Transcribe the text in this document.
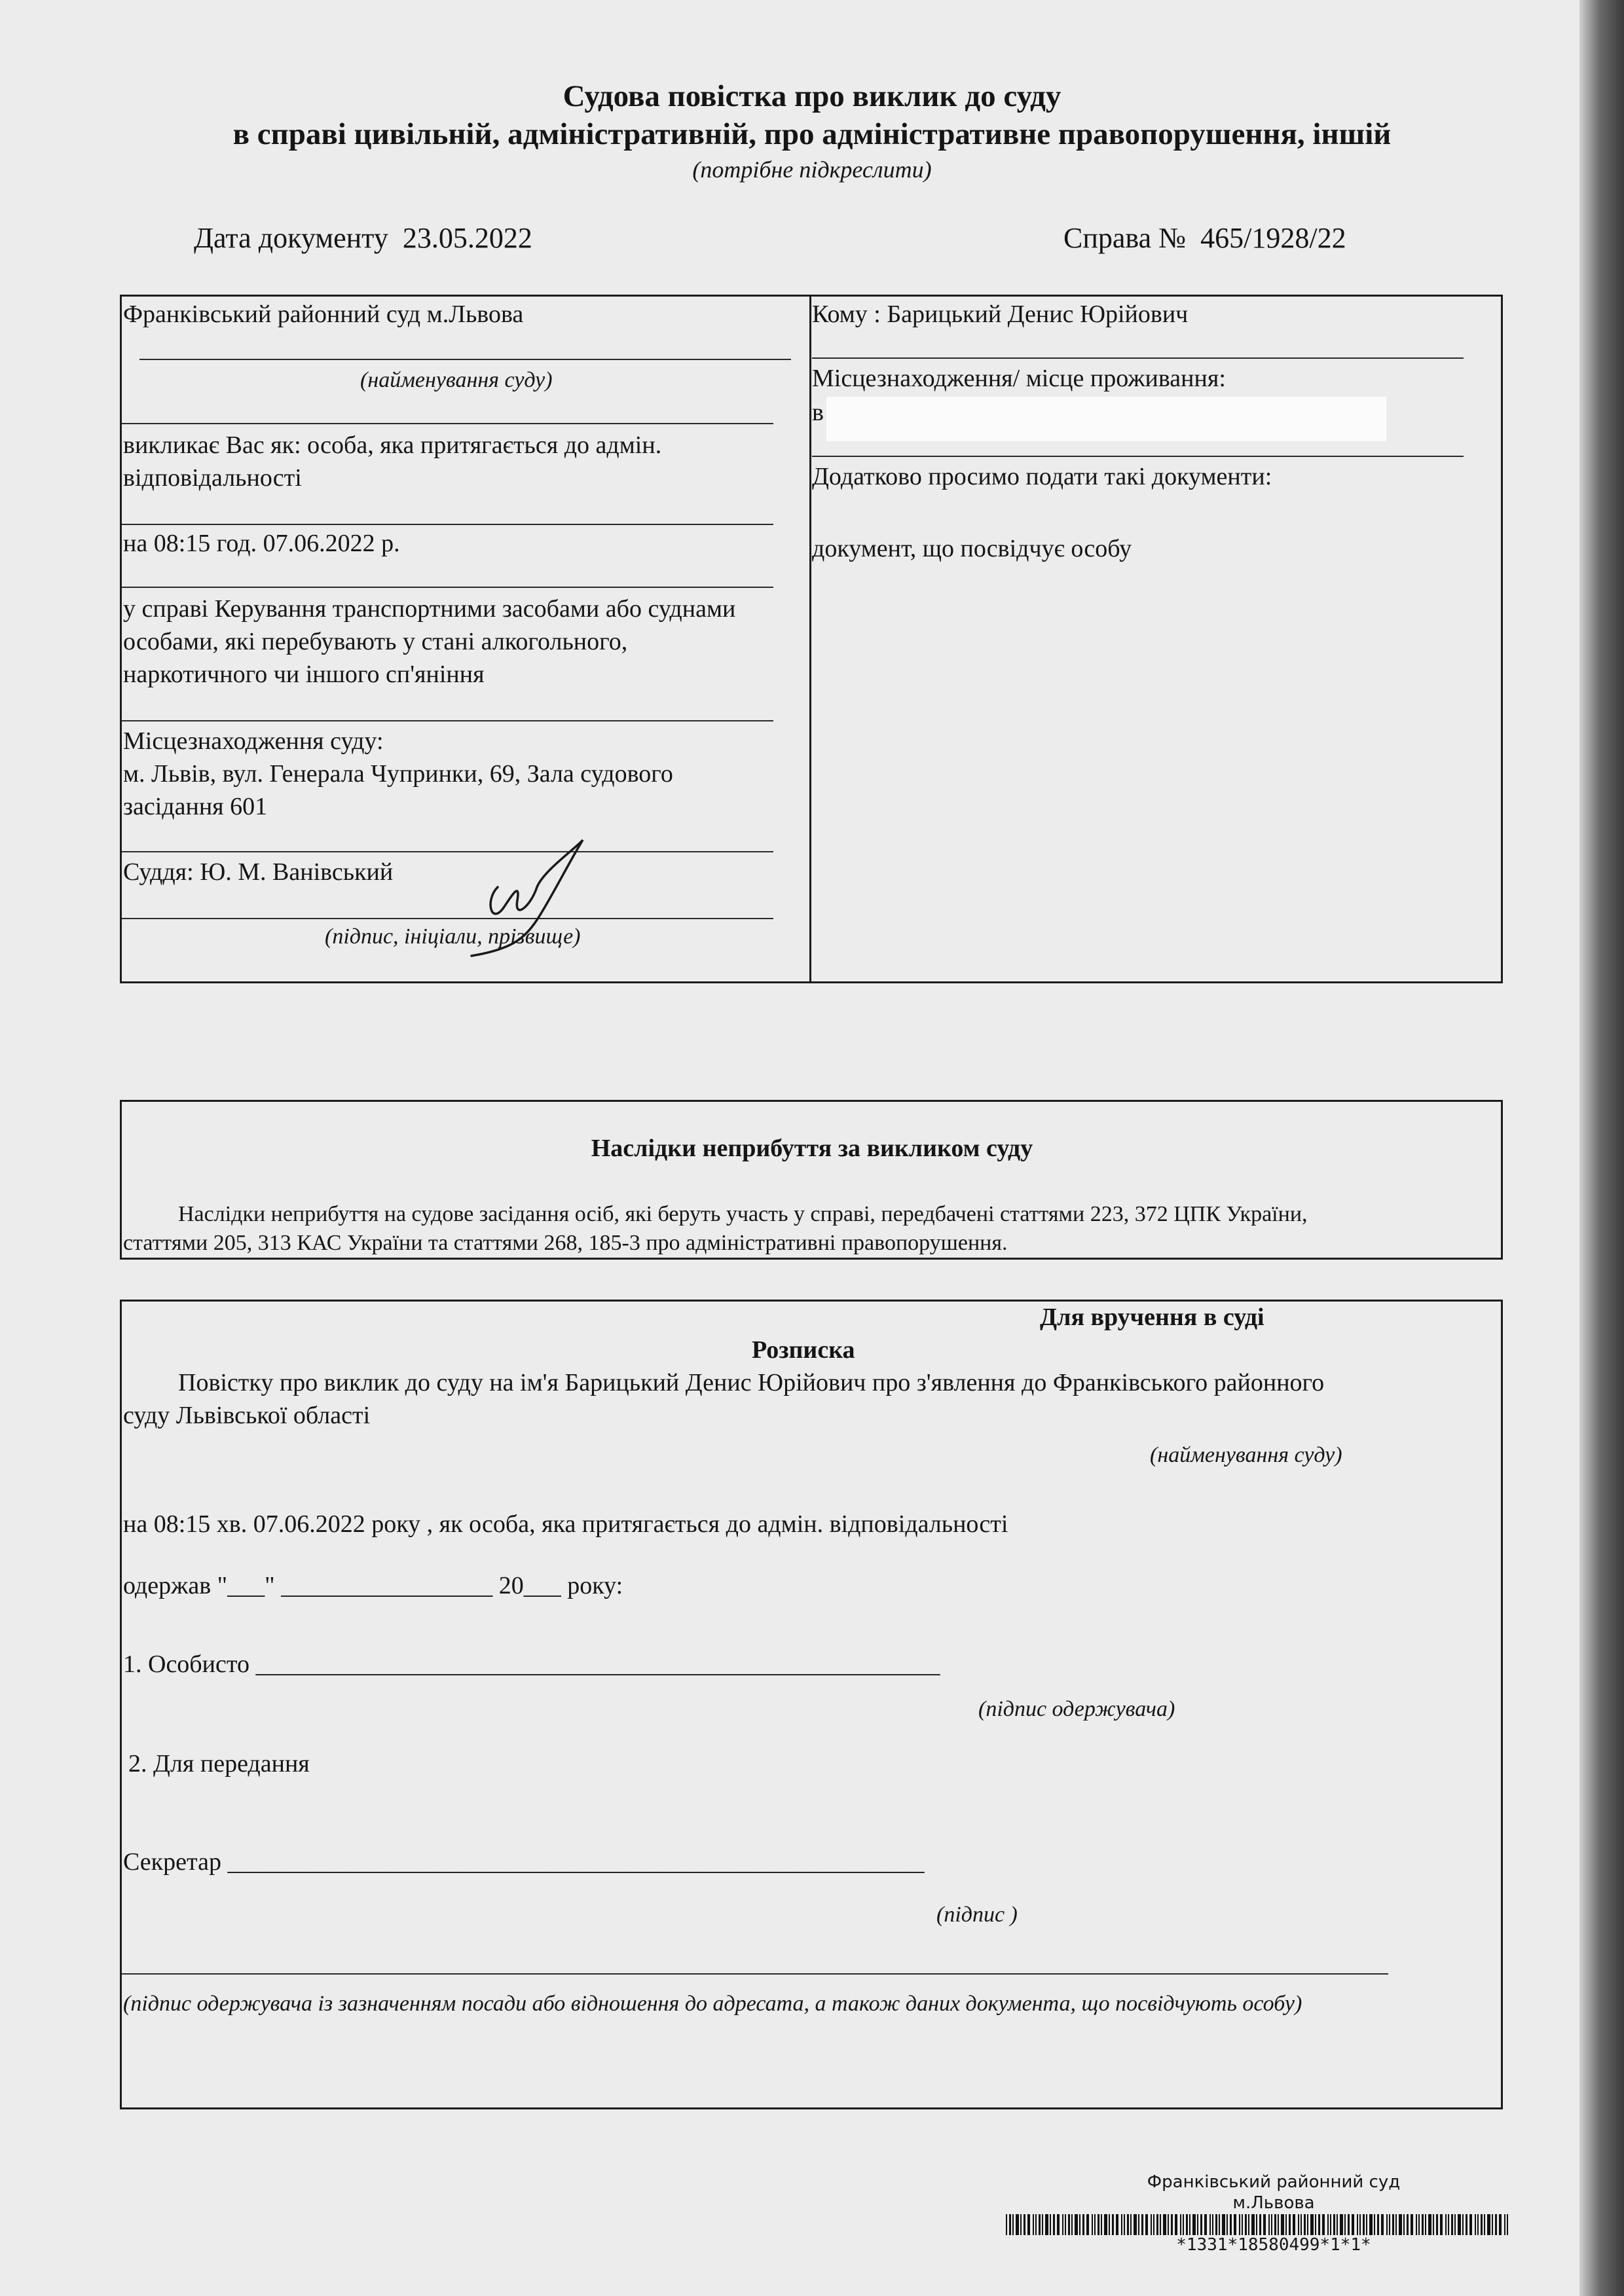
Судова повістка про виклик до суду
в справі цивільній, адміністративній, про адміністративне правопорушення, іншій
(потрібне підкреслити)
Дата документу 23.05.2022	Справа № 465/1928/22
Франківський районний суд м.Львова
(найменування суду)
викликає Вас як: особа, яка притягається до адмін.
відповідальності
на 08:15 год. 07.06.2022 р.
у справі Керування транспортними засобами або суднами
особами, які перебувають у стані алкогольного,
наркотичного чи іншого сп'яніння
Місцезнаходження суду:
м. Львів, вул. Генерала Чупринки, 69, Зала судового
засідання 601
Суддя: Ю. М. Ванівський
(підпис, ініціали, прізвище)
Кому : Барицький Денис Юрійович
Місцезнаходження/ місце проживання:
в
Додатково просимо подати такі документи:
документ, що посвідчує особу
Наслідки неприбуття за викликом суду
Наслідки неприбуття на судове засідання осіб, які беруть участь у справі, передбачені статтями 223, 372 ЦПК України,
статтями 205, 313 КАС України та статтями 268, 185-3 про адміністративні правопорушення.
Для вручення в суді
Розписка
Повістку про виклик до суду на ім'я Барицький Денис Юрійович про з'явлення до Франківського районного
суду Львівської області
(найменування суду)
на 08:15 хв. 07.06.2022 року , як особа, яка притягається до адмін. відповідальності
одержав "___" _________________ 20___ року:
1. Особисто _______________________________________________________
(підпис одержувача)
2. Для передання
Секретар ________________________________________________________
(підпис )
(підпис одержувача із зазначенням посади або відношення до адресата, а також даних документа, що посвідчують особу)
Франківський районний суд
м.Львова
*1331*18580499*1*1*
